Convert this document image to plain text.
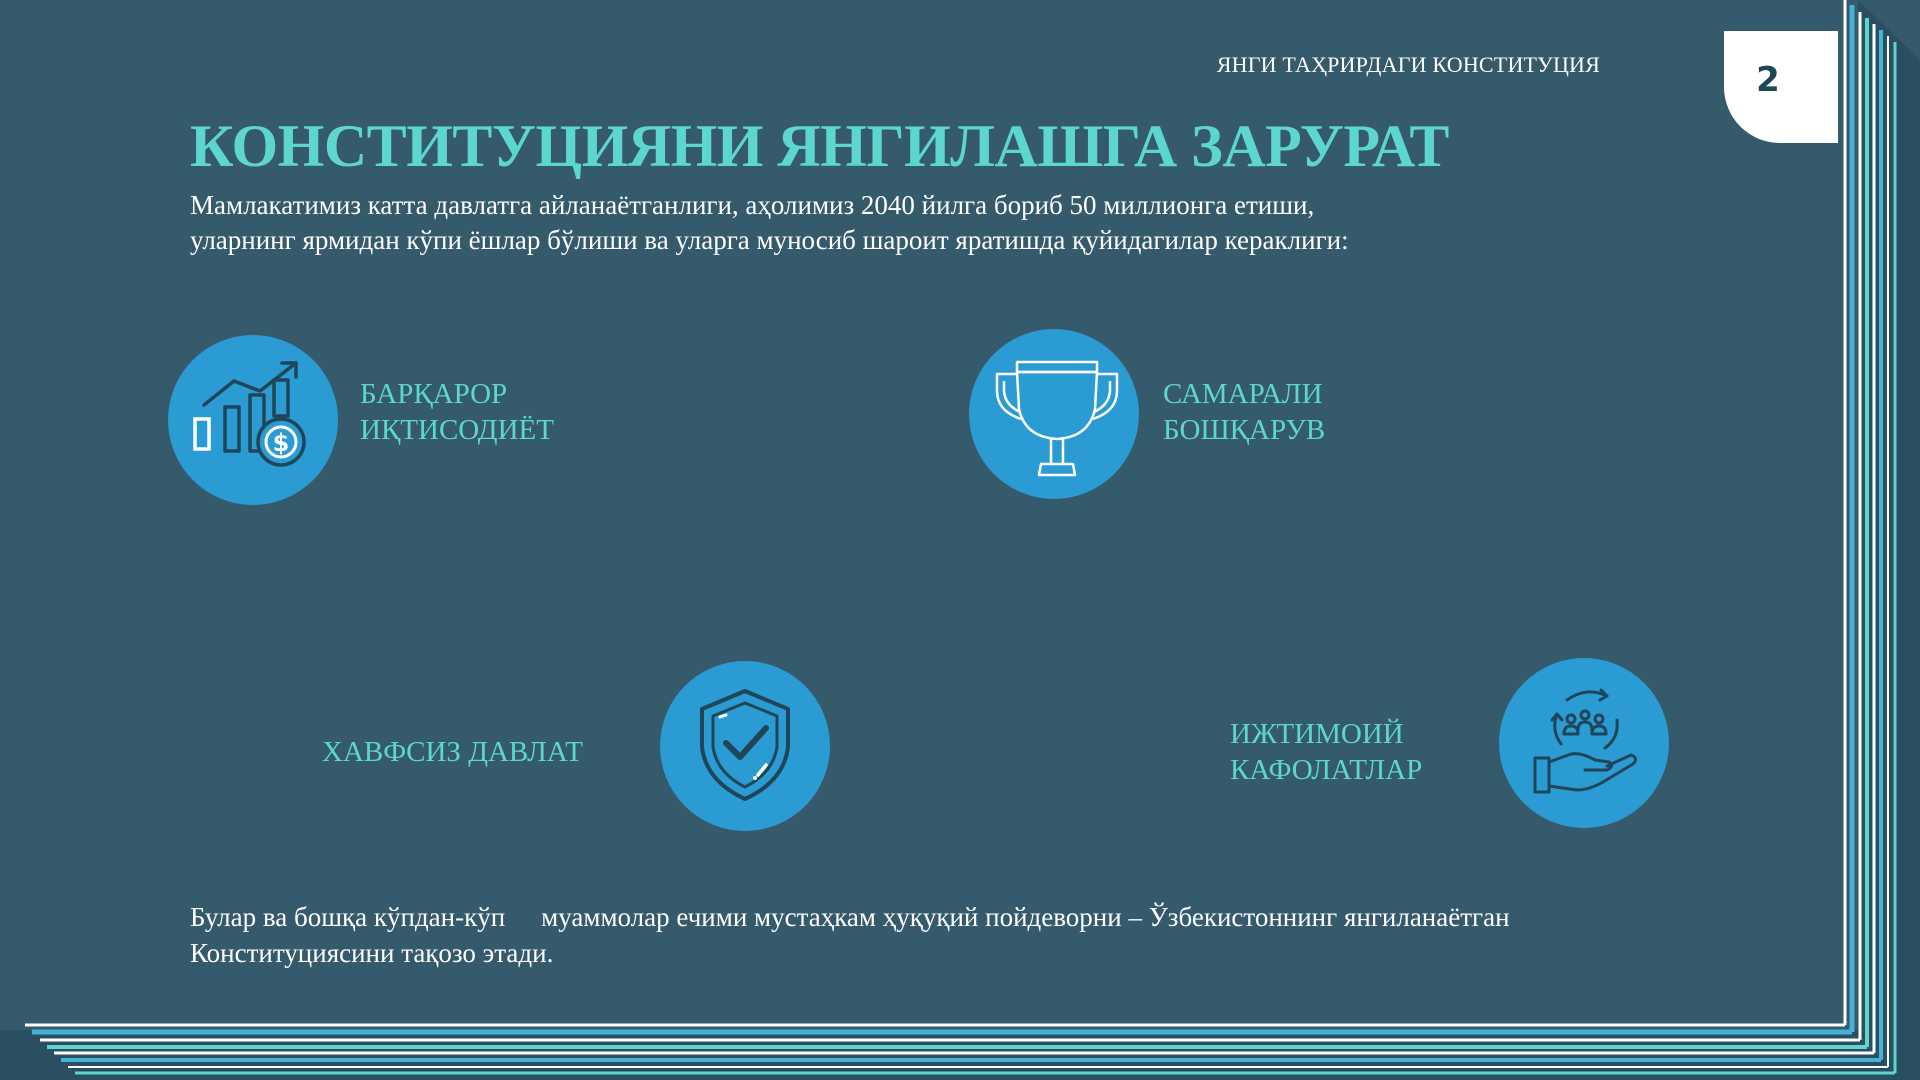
ЯНГИ ТАҲРИРДАГИ КОНСТИТУЦИЯ	2
КОНСТИТУЦИЯНИ ЯНГИЛАШГА ЗАРУРАТ
Мамлакатимиз катта давлатга айланаётганлиги, аҳолимиз 2040 йилга бориб 50 миллионга етиши,
уларнинг ярмидан кўпи ёшлар бўлиши ва уларга муносиб шароит яратишда қуйидагилар кераклиги:
$
БАРҚАРОР
ИҚТИСОДИЁТ
САМАРАЛИ
БОШҚАРУВ
ХАВФСИЗ ДАВЛАТ
ИЖТИМОИЙ
КАФОЛАТЛАР
Булар ва бошқа кўпдан-кўп муаммолар ечими мустаҳкам ҳуқуқий пойдеворни – Ўзбекистоннинг янгиланаётган
Конституциясини тақозо этади.
